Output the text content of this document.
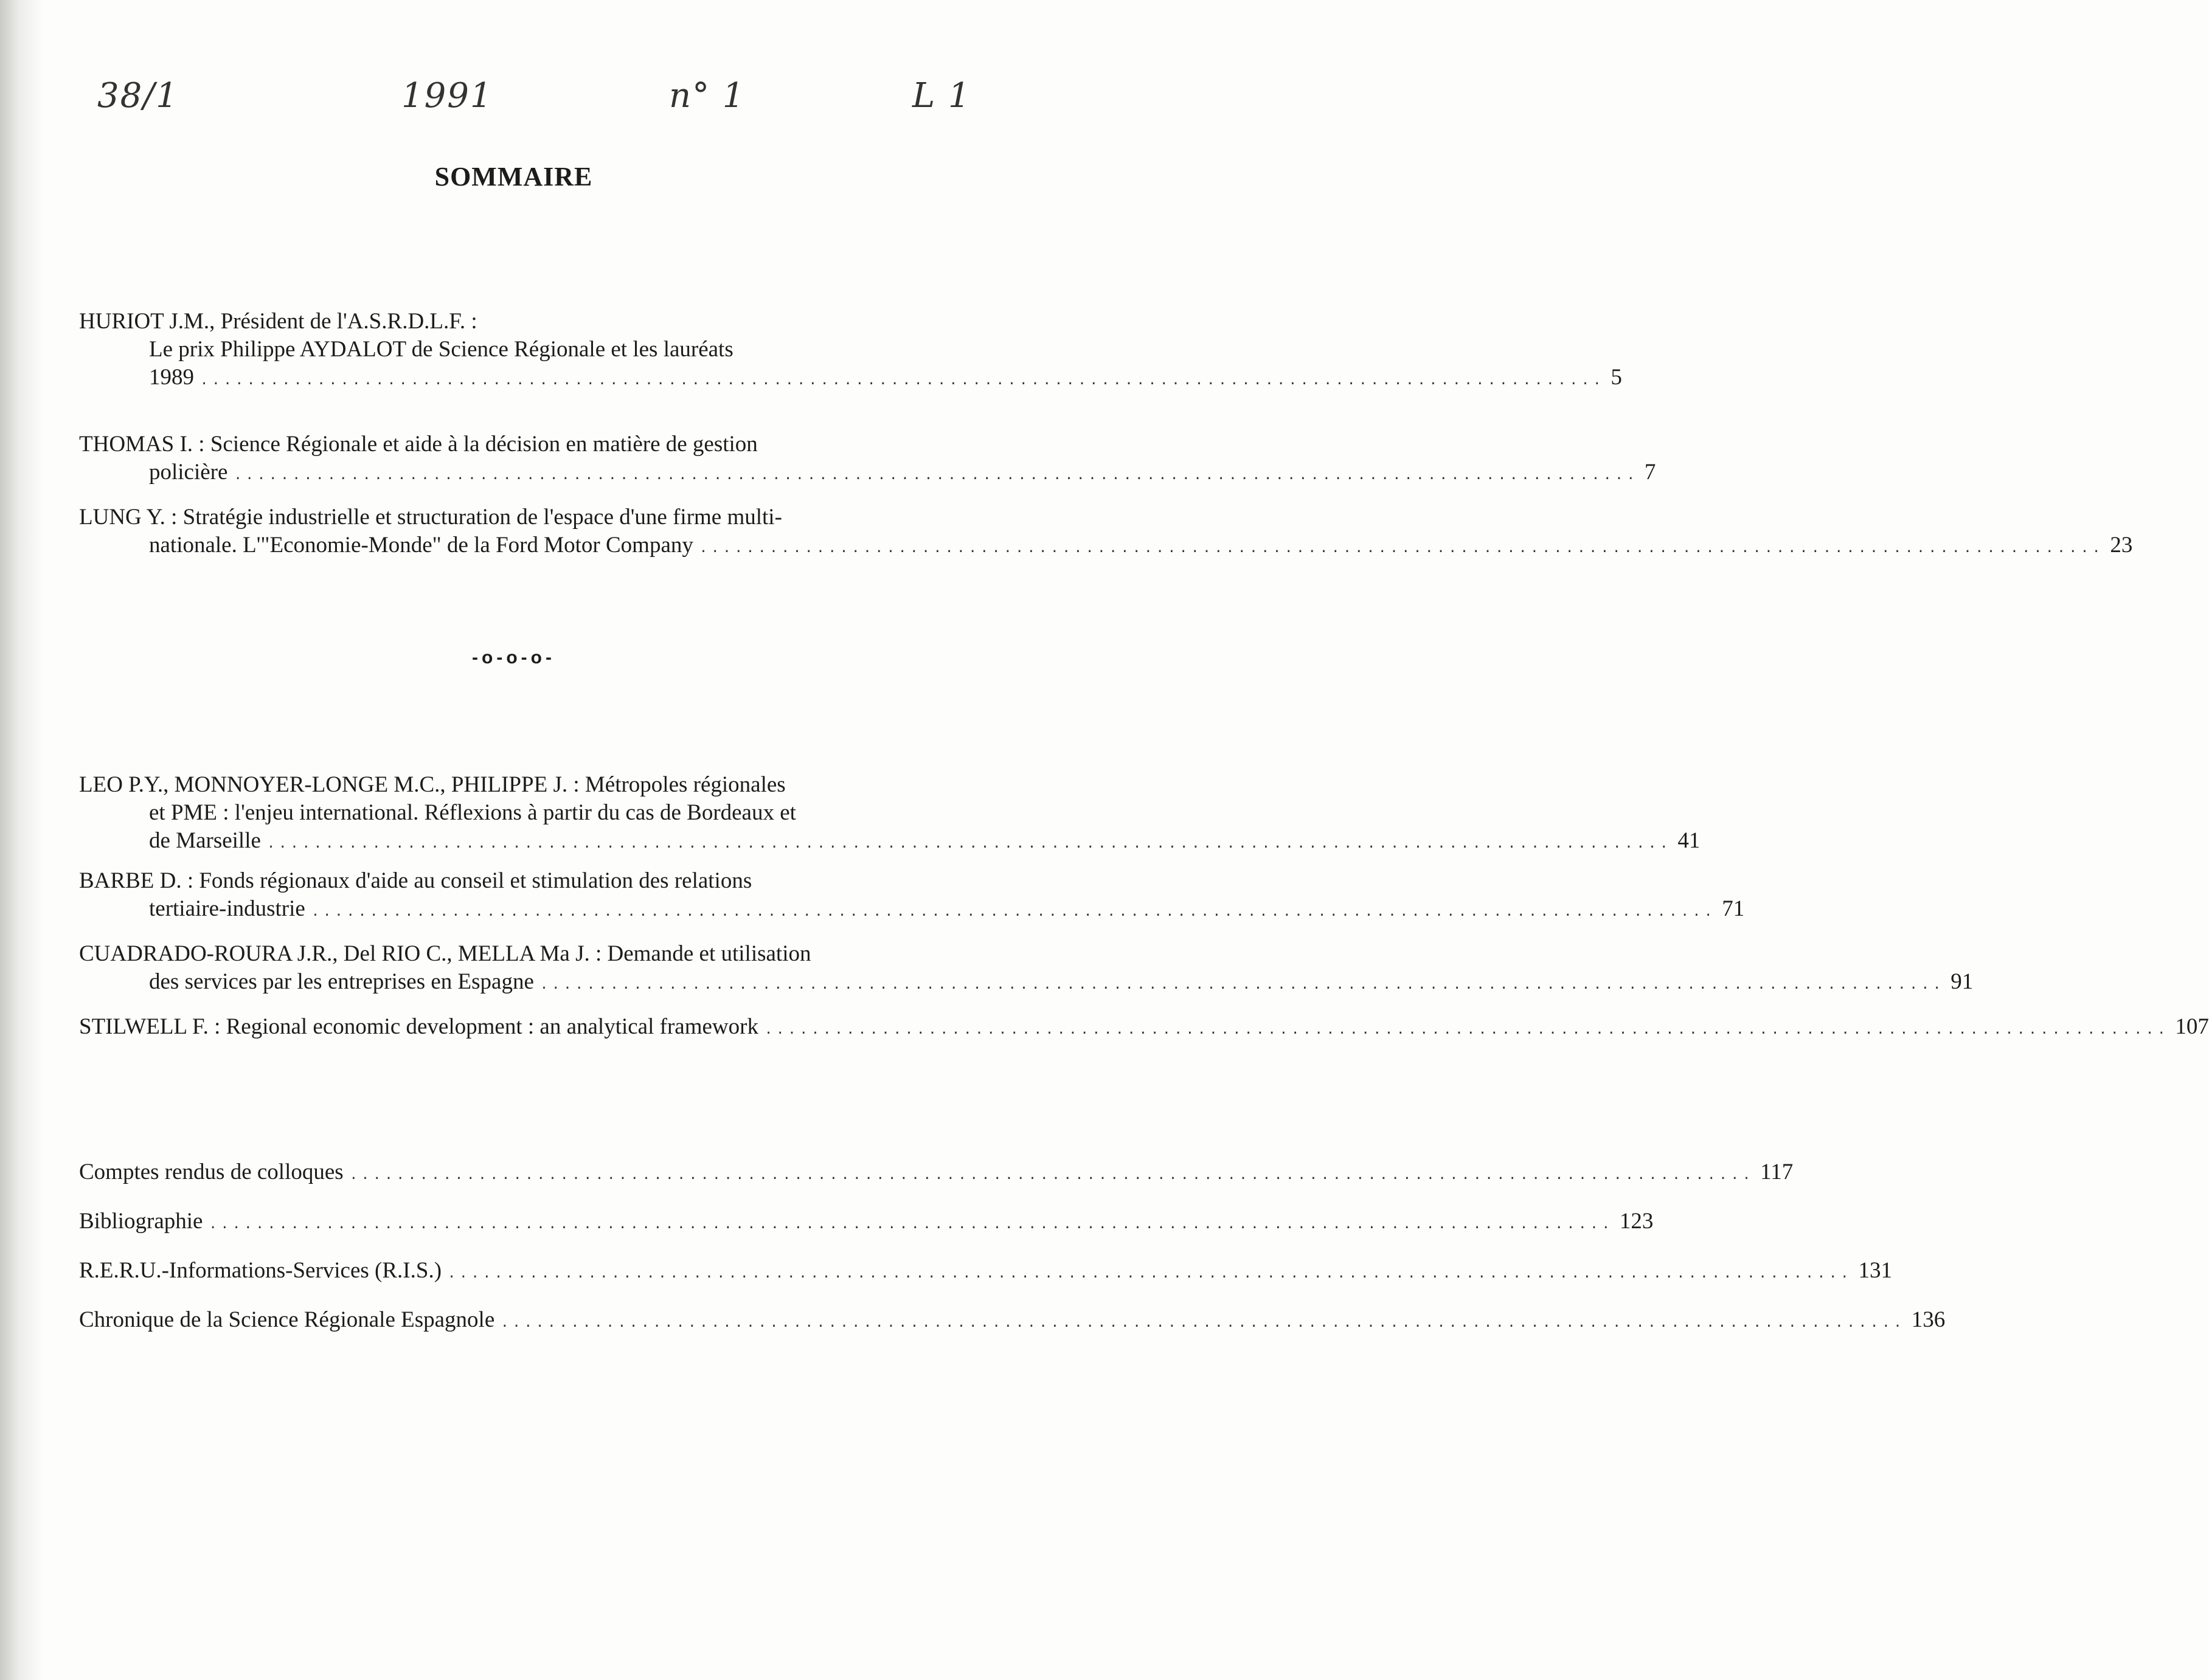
38/1	1991	n° 1	L 1
SOMMAIRE
HURIOT J.M., Président de l'A.S.R.D.L.F. :
Le prix Philippe AYDALOT de Science Régionale et les lauréats
1989 ........................................................................................................................ 5
THOMAS I. : Science Régionale et aide à la décision en matière de gestion
policière ........................................................................................................................ 7
LUNG Y. : Stratégie industrielle et structuration de l'espace d'une firme multi-
nationale. L'"Economie-Monde" de la Ford Motor Company ........................................................................................................................ 23
-o-o-o-
LEO P.Y., MONNOYER-LONGE M.C., PHILIPPE J. : Métropoles régionales
et PME : l'enjeu international. Réflexions à partir du cas de Bordeaux et
de Marseille ........................................................................................................................ 41
BARBE D. : Fonds régionaux d'aide au conseil et stimulation des relations
tertiaire-industrie ........................................................................................................................ 71
CUADRADO-ROURA J.R., Del RIO C., MELLA Ma J. : Demande et utilisation
des services par les entreprises en Espagne ........................................................................................................................ 91
STILWELL F. : Regional economic development : an analytical framework ........................................................................................................................ 107
Comptes rendus de colloques ........................................................................................................................ 117
Bibliographie ........................................................................................................................ 123
R.E.R.U.-Informations-Services (R.I.S.) ........................................................................................................................ 131
Chronique de la Science Régionale Espagnole ........................................................................................................................ 136
